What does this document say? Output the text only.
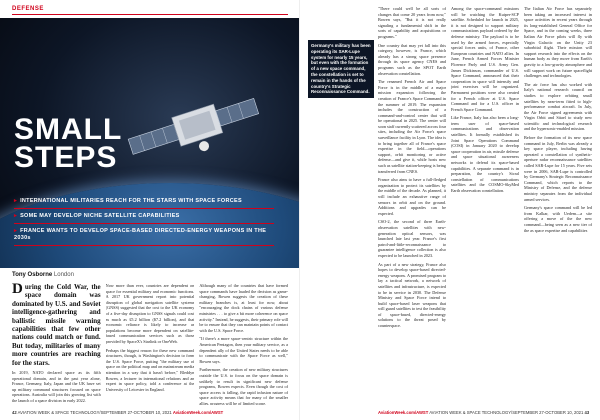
DEFENSE
SMALL
STEPS
▸ INTERNATIONAL MILITARIES REACH FOR THE STARS WITH SPACE FORCES
▸ SOME MAY DEVELOP NICHE SATELLITE CAPABILITIES
▸ FRANCE WANTS TO DEVELOP SPACE-BASED DIRECTED-ENERGY WEAPONS IN THE 2030s
Tony Osborne London
D uring the Cold War, the space domain was dominated by U.S. and Soviet intelligence-gathering and ballistic missile warning capabilities that few other nations could match or fund. But today, militaries of many more countries are reaching for the stars.

In 2019, NATO declared space as its fifth operational domain, and in the past year alone, France, Germany, Italy, Japan and the UK have set up military command structures focused on space operations. Australia will join this growing list with the launch of a space division in early 2022.

Now more than ever, countries are dependent on space for essential military and economic functions. A 2017 UK government report into potential disruption of global navigation satellite systems (GNSS) suggested that the cost to the UK economy of a five-day disruption to GNSS signals could cost as much as £5.2 billion ($7.2 billion), and that economic reliance is likely to increase as populations become more dependent on satellite-based communication services such as those provided by SpaceX's Starlink or OneWeb.

Perhaps the biggest reason for these new command structures, though, is Washington's decision to form the U.S. Space Force, putting "the military use of space on the political map and on mainstream media attention in a way that it hasn't before," Bleddyn Bowen, a lecturer in international relations and an expert in space policy, told a conference at the University of Leicester in England.

Although many of the countries that have formed space commands have lauded the decision as game-changing, Bowen suggests the creation of these military branches is, at least for now, about "encouraging the dock chains of various defense ministries . . . to give a bit more coherence on space activity." Instead, he suggests, their primary role will be to ensure that they can maintain points of contact with the U.S. Space Force.

"If there's a more space-centric structure within the American Pentagon, then your military service, as a dependent ally of the United States needs to be able to communicate with the Space Force as well," Bowen says.

Furthermore, the creation of new military structures outside the U.S. to focus on the space domain is unlikely to result in significant new defense programs, Bowen expects. Even though the cost of space access is falling, the rapid infusion nature of space activity means that for many of the smaller allies, progress will be of limited scope.

42 AVIATION WEEK & SPACE TECHNOLOGY/SEPTEMBER 27-OCTOBER 10, 2021 AviationWeek.com/AWST
Germany's military has been operating its SAR-Lupe system for nearly 15 years, but even with the formation of a new space command, the constellation is set to remain in the hands of the country's Strategic Reconnaissance Command.

"There could well be all sorts of changes that come 20 years from now," Bowen says, "But it is not really signaling a fundamental shift in the sorts of capability and acquisitions or programs."

One country that may yet fall into this category, however, is France, which already has a strong space presence through its space agency CNES and programs such as the SPOT Earth observation constellation.

The renamed French Air and Space Force is in the middle of a major mission expansion following the creation of France's Space Command in the summer of 2019. The expansion includes the construction of a command-and-control center that will be operational in 2025. The center will soon staff currently scattered across four sites, including the Air Force's space surveillance facility in Lyon. The idea is to bring together all of France's space expertise in the field—operations support, orbit monitoring or active defense—and give it, while hosts new such as satellite station-keeping is being transferred from CNES.

France also aims to have a full-fledged organization to protect its satellites by the middle of the decade. As planned, it will include an exhaustive range of sensors in orbit and on the ground. Additions and upgrades can be expected.

CSO-2, the second of three Earth-observation satellites with new-generation optical sensors, was launched late last year. France's first patrol-and-little-reconnaissance to guarantee intelligence collection is also expected to be launched in 2023.

As part of a new strategy, France also hopes to develop space-based directed-energy weapons. A promised program to lay a tactical network, a network of satellites and infrastructure, is expected to be in service in 2030. The Defense Ministry and Space Force intend to build space-based laser weapons that will guard satellites to test the feasibility of space-based, directed-energy solutions to the threat posed by counterspace.

Among the space-command missions will be watching the Kuiper-SCP satellite. Scheduled for launch in 2025, it is not designed to support military communications payload ordered by the defense ministry. The payload is to be used by the armed forces, especially special forces units, of France, other European countries and NATO allies. In June, French Armed Forces Minister Florence Parly and U.S. Army Gen. James Dickinson, commander of U.S. Space Command, announced that their cooperation in space will intensify and joint exercises will be organized. Parmanent positions were also created for a French officer at U.S. Space Command and for a U.S. officer in French Space Command.

Like France, Italy has also been a long-term user of space-based communications and observation satellites. It formally established its Joint Space Operations Command (COSI) in January 2020 to develop space cooperation in air, missile defense and space situational awareness networks to defend its space-based capabilities. A separate command is in preparation, the country's Sicral constellation of communications satellites and the COSMO-SkyMed Earth observation constellation.

The Italian Air Force has separately been taking an increased interest in space activities in recent years through its long-established General Office for Space, and in the coming weeks, three Italian Air Force pilots will fly with Virgin Galactic on the Unity 23 suborbital flight. Their mission will support research into the effects on the human body as they move from Earth's gravity to a low-gravity atmosphere and will support work on future spaceflight challenges and technologies.

The air force has also worked with Italy's national research council on studies to explore orbiting small satellites by near-term fitted to high-performance combat aircraft. In July, the Air Force signed agreements with Virgin Orbit and Sitael to study new scientific and technological research and the hypersonic-enabled mission.

Before the formation of its new space command in July, Berlin was already a key space player, including having operated a constellation of synthetic-aperture radar reconnaissance satellites called SAR-Lupe for 15 years. Five sets were in 2006, SAR-Lupe is controlled by Germany's Strategic Reconnaissance Command, which reports to the Ministry of Defense, and the defense ministry separates from the individual armed services.

Germany's space command will be led from Kalkar, with Uedem—a site offering a move of the the new command—being seen as a new tier of the as space expertise and capabilities

AviationWeek.com/AWST AVIATION WEEK & SPACE TECHNOLOGY/SEPTEMBER 27-OCTOBER 10, 2021 43
